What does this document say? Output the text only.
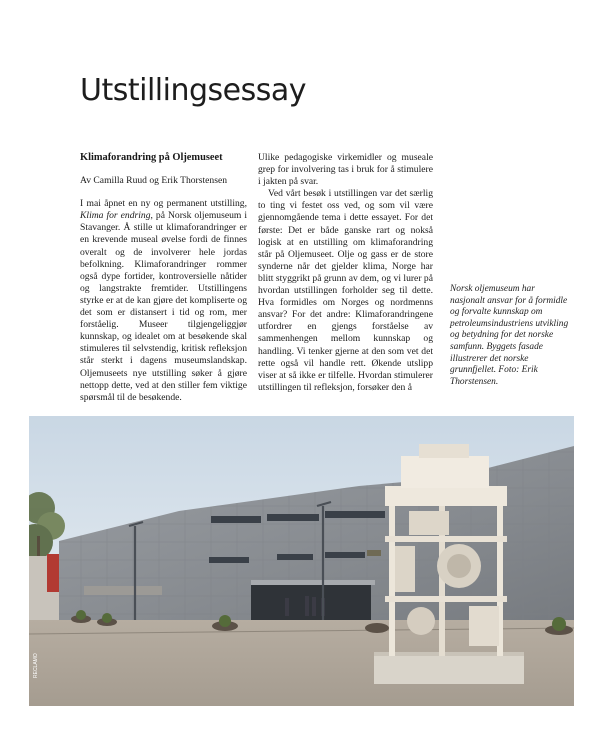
Utstillingsessay

Klimaforandring på Oljemuseet

Av Camilla Ruud og Erik Thorstensen

I mai åpnet en ny og permanent utstilling, Klima for endring, på Norsk oljemuseum i Stavanger. Å stille ut klimaforandringer er en krevende museal øvelse fordi de finnes overalt og de involverer hele jordas befolkning. Klimaforandringer rommer også dype fortider, kontroversielle nåtider og langstrakte fremtider. Utstillingens styrke er at de kan gjøre det kompliserte og det som er distansert i tid og rom, mer forståelig. Museer tilgjengeliggjør kunnskap, og idealet om at besøkende skal stimuleres til selvstendig, kritisk refleksjon står sterkt i dagens museumslandskap. Oljemuseets nye utstilling søker å gjøre nettopp dette, ved at den stiller fem viktige spørsmål til de besøkende.

Ulike pedagogiske virkemidler og museale grep for involvering tas i bruk for å stimulere i jakten på svar.

Ved vårt besøk i utstillingen var det særlig to ting vi festet oss ved, og som vil være gjennomgående tema i dette essayet. For det første: Det er både ganske rart og nokså logisk at en utstilling om klimaforandring står på Oljemuseet. Olje og gass er de store synderne når det gjelder klima, Norge har blitt styggrikt på grunn av dem, og vi lurer på hvordan utstillingen forholder seg til dette. Hva formidles om Norges og nordmenns ansvar? For det andre: Klimaforandringene utfordrer en gjengs forståelse av sammenhengen mellom kunnskap og handling. Vi tenker gjerne at den som vet det rette også vil handle rett. Økende utslipp viser at så ikke er tilfelle. Hvordan stimulerer utstillingen til refleksjon, forsøker den å

Norsk oljemuseum har nasjonalt ansvar for å formidle og forvalte kunnskap om petroleumsindustriens utvikling og betydning for det norske samfunn. Byggets fasade illustrerer det norske grunnfjellet. Foto: Erik Thorstensen.
RECLAMO
